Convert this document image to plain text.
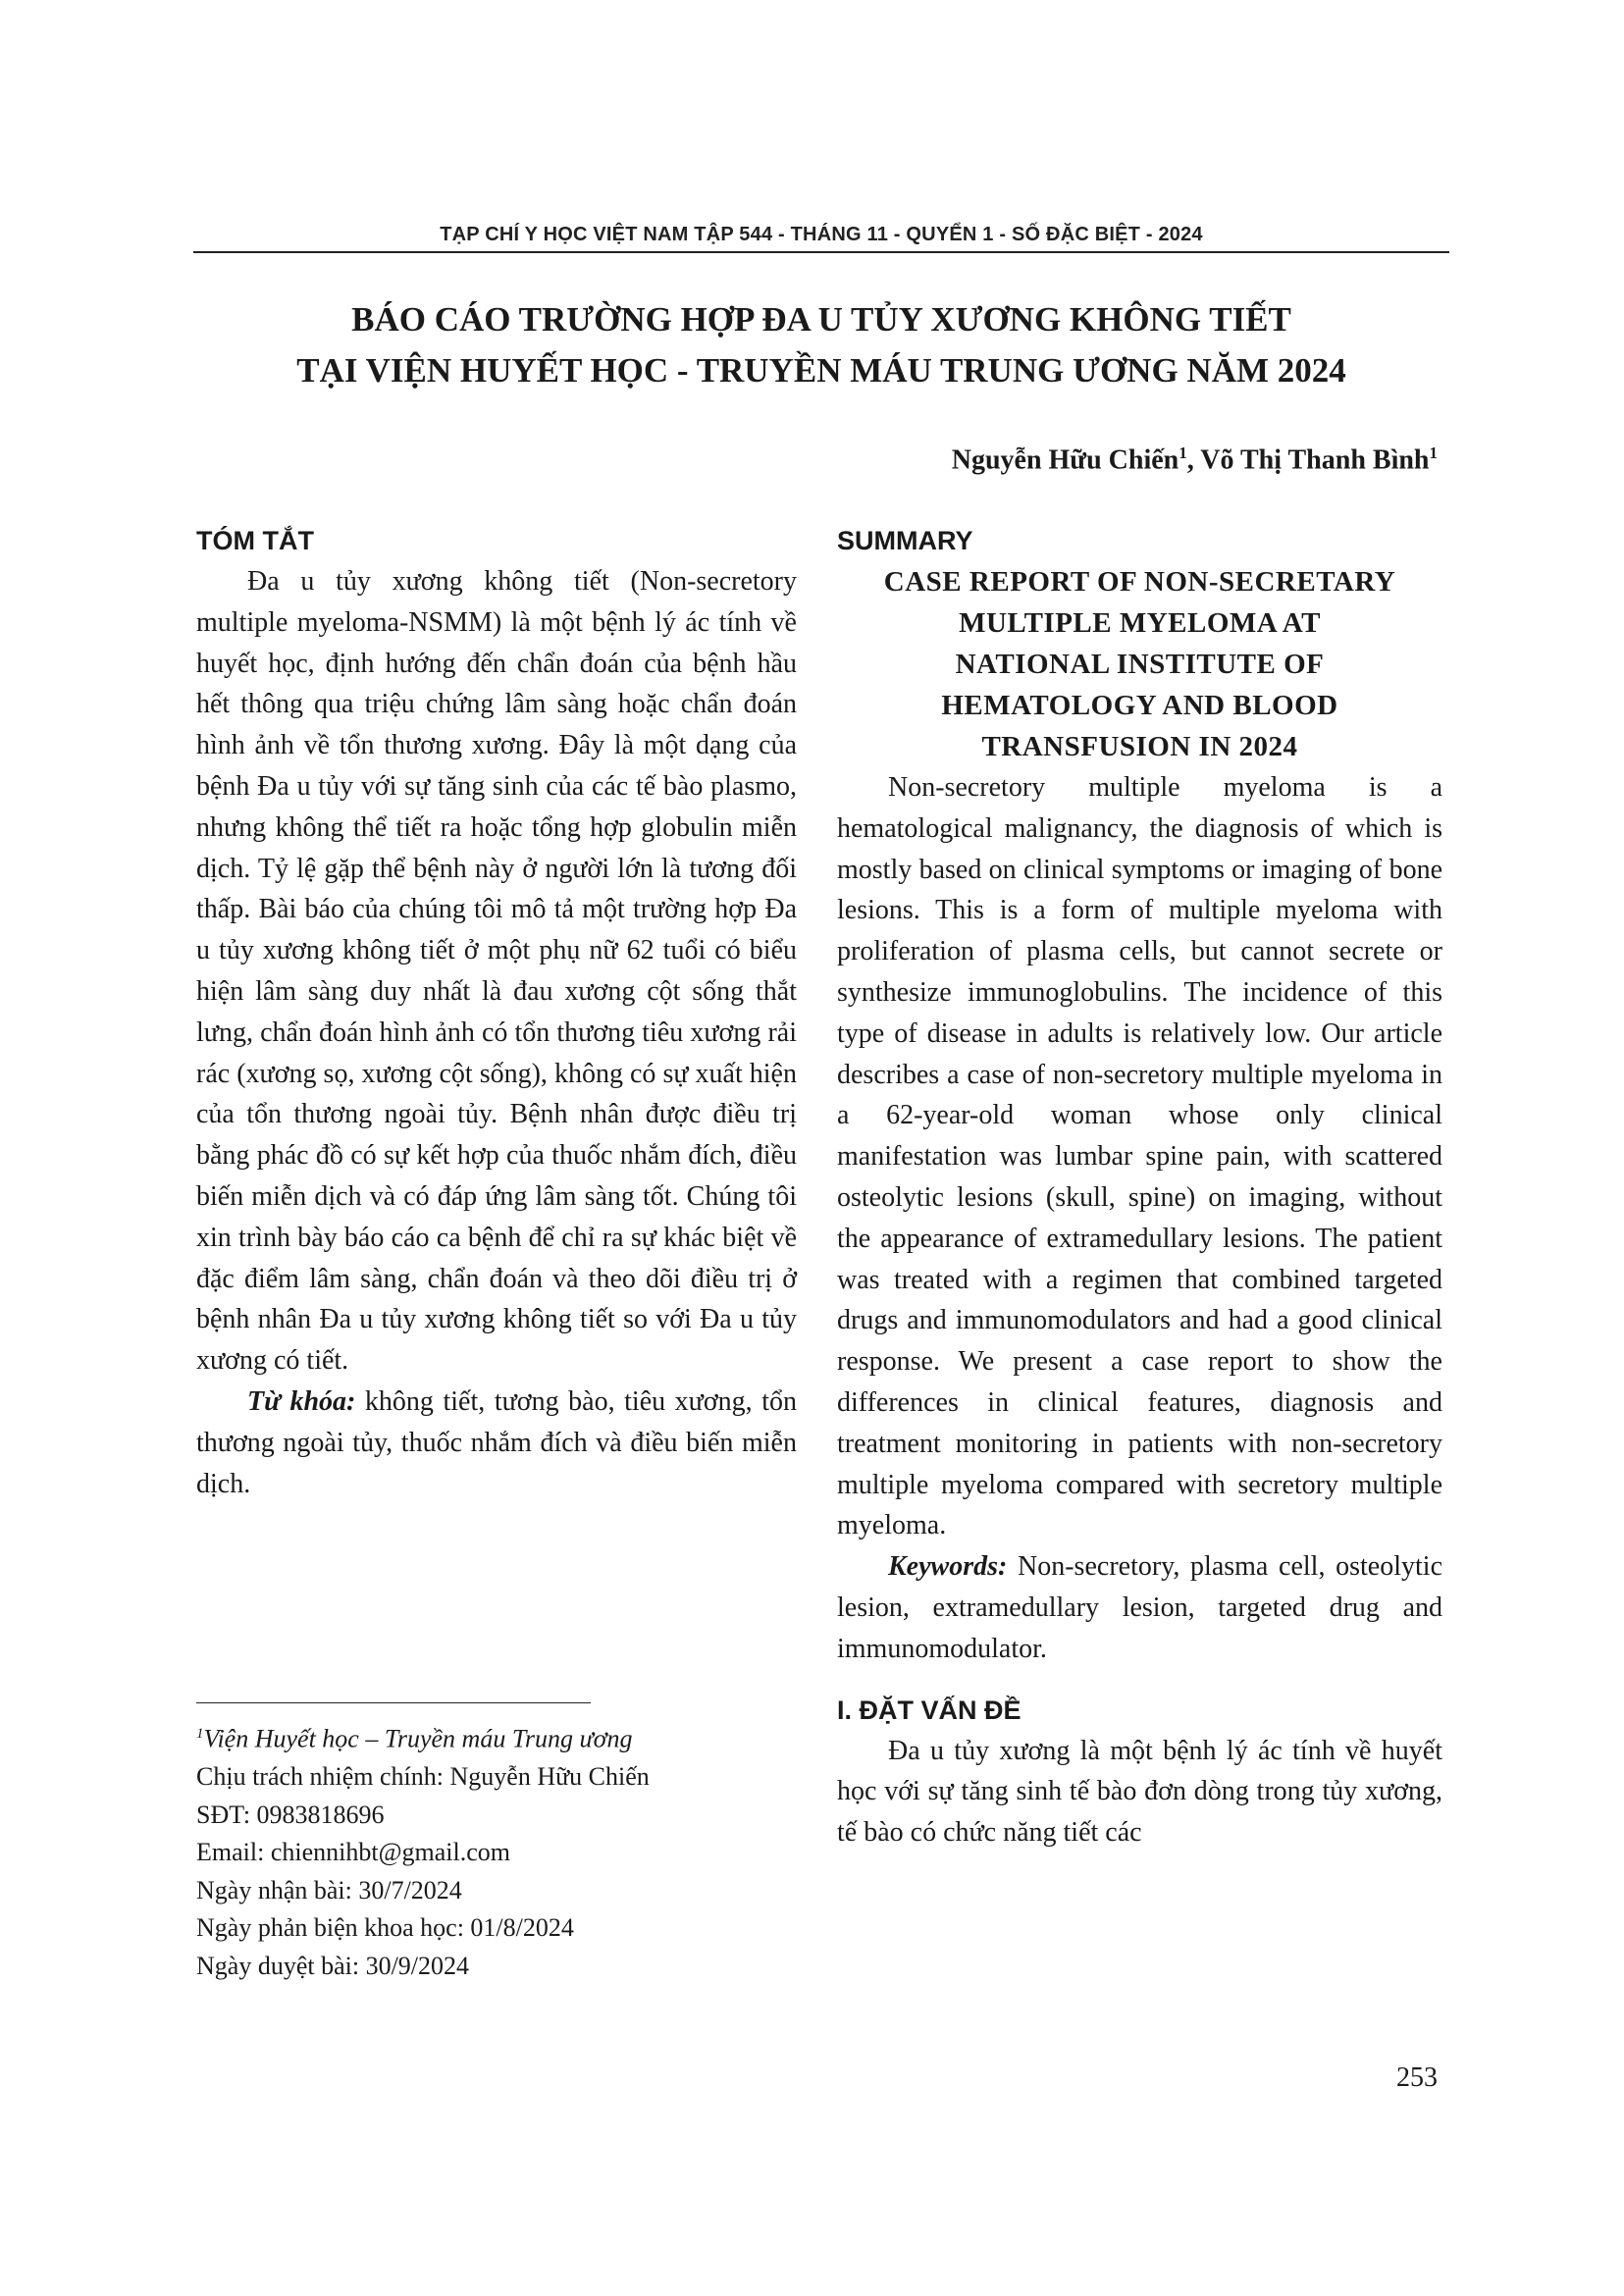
TẠP CHÍ Y HỌC VIỆT NAM TẬP 544 - THÁNG 11 - QUYỂN 1 - SỐ ĐẶC BIỆT - 2024
BÁO CÁO TRƯỜNG HỢP ĐA U TỦY XƯƠNG KHÔNG TIẾT
TẠI VIỆN HUYẾT HỌC - TRUYỀN MÁU TRUNG ƯƠNG NĂM 2024
Nguyễn Hữu Chiến$^1$, Võ Thị Thanh Bình$^1$
TÓM TẮT

Đa u tủy xương không tiết (Non-secretory multiple myeloma-NSMM) là một bệnh lý ác tính về huyết học, định hướng đến chẩn đoán của bệnh hầu hết thông qua triệu chứng lâm sàng hoặc chẩn đoán hình ảnh về tổn thương xương. Đây là một dạng của bệnh Đa u tủy với sự tăng sinh của các tế bào plasmo, nhưng không thể tiết ra hoặc tổng hợp globulin miễn dịch. Tỷ lệ gặp thể bệnh này ở người lớn là tương đối thấp. Bài báo của chúng tôi mô tả một trường hợp Đa u tủy xương không tiết ở một phụ nữ 62 tuổi có biểu hiện lâm sàng duy nhất là đau xương cột sống thắt lưng, chẩn đoán hình ảnh có tổn thương tiêu xương rải rác (xương sọ, xương cột sống), không có sự xuất hiện của tổn thương ngoài tủy. Bệnh nhân được điều trị bằng phác đồ có sự kết hợp của thuốc nhắm đích, điều biến miễn dịch và có đáp ứng lâm sàng tốt. Chúng tôi xin trình bày báo cáo ca bệnh để chỉ ra sự khác biệt về đặc điểm lâm sàng, chẩn đoán và theo dõi điều trị ở bệnh nhân Đa u tủy xương không tiết so với Đa u tủy xương có tiết.

Từ khóa: không tiết, tương bào, tiêu xương, tổn thương ngoài tủy, thuốc nhắm đích và điều biến miễn dịch.

SUMMARY
CASE REPORT OF NON-SECRETARY
MULTIPLE MYELOMA AT
NATIONAL INSTITUTE OF
HEMATOLOGY AND BLOOD
TRANSFUSION IN 2024

Non-secretory multiple myeloma is a hematological malignancy, the diagnosis of which is mostly based on clinical symptoms or imaging of bone lesions. This is a form of multiple myeloma with proliferation of plasma cells, but cannot secrete or synthesize immunoglobulins. The incidence of this type of disease in adults is relatively low. Our article describes a case of non-secretory multiple myeloma in a 62-year-old woman whose only clinical manifestation was lumbar spine pain, with scattered osteolytic lesions (skull, spine) on imaging, without the appearance of extramedullary lesions. The patient was treated with a regimen that combined targeted drugs and immunomodulators and had a good clinical response. We present a case report to show the differences in clinical features, diagnosis and treatment monitoring in patients with non-secretory multiple myeloma compared with secretory multiple myeloma.

Keywords: Non-secretory, plasma cell, osteolytic lesion, extramedullary lesion, targeted drug and immunomodulator.

I. ĐẶT VẤN ĐỀ

Đa u tủy xương là một bệnh lý ác tính về huyết học với sự tăng sinh tế bào đơn dòng trong tủy xương, tế bào có chức năng tiết các

$^1$Viện Huyết học – Truyền máu Trung ương
Chịu trách nhiệm chính: Nguyễn Hữu Chiến
SĐT: 0983818696
Email: chiennihbt@gmail.com
Ngày nhận bài: 30/7/2024
Ngày phản biện khoa học: 01/8/2024
Ngày duyệt bài: 30/9/2024
253
